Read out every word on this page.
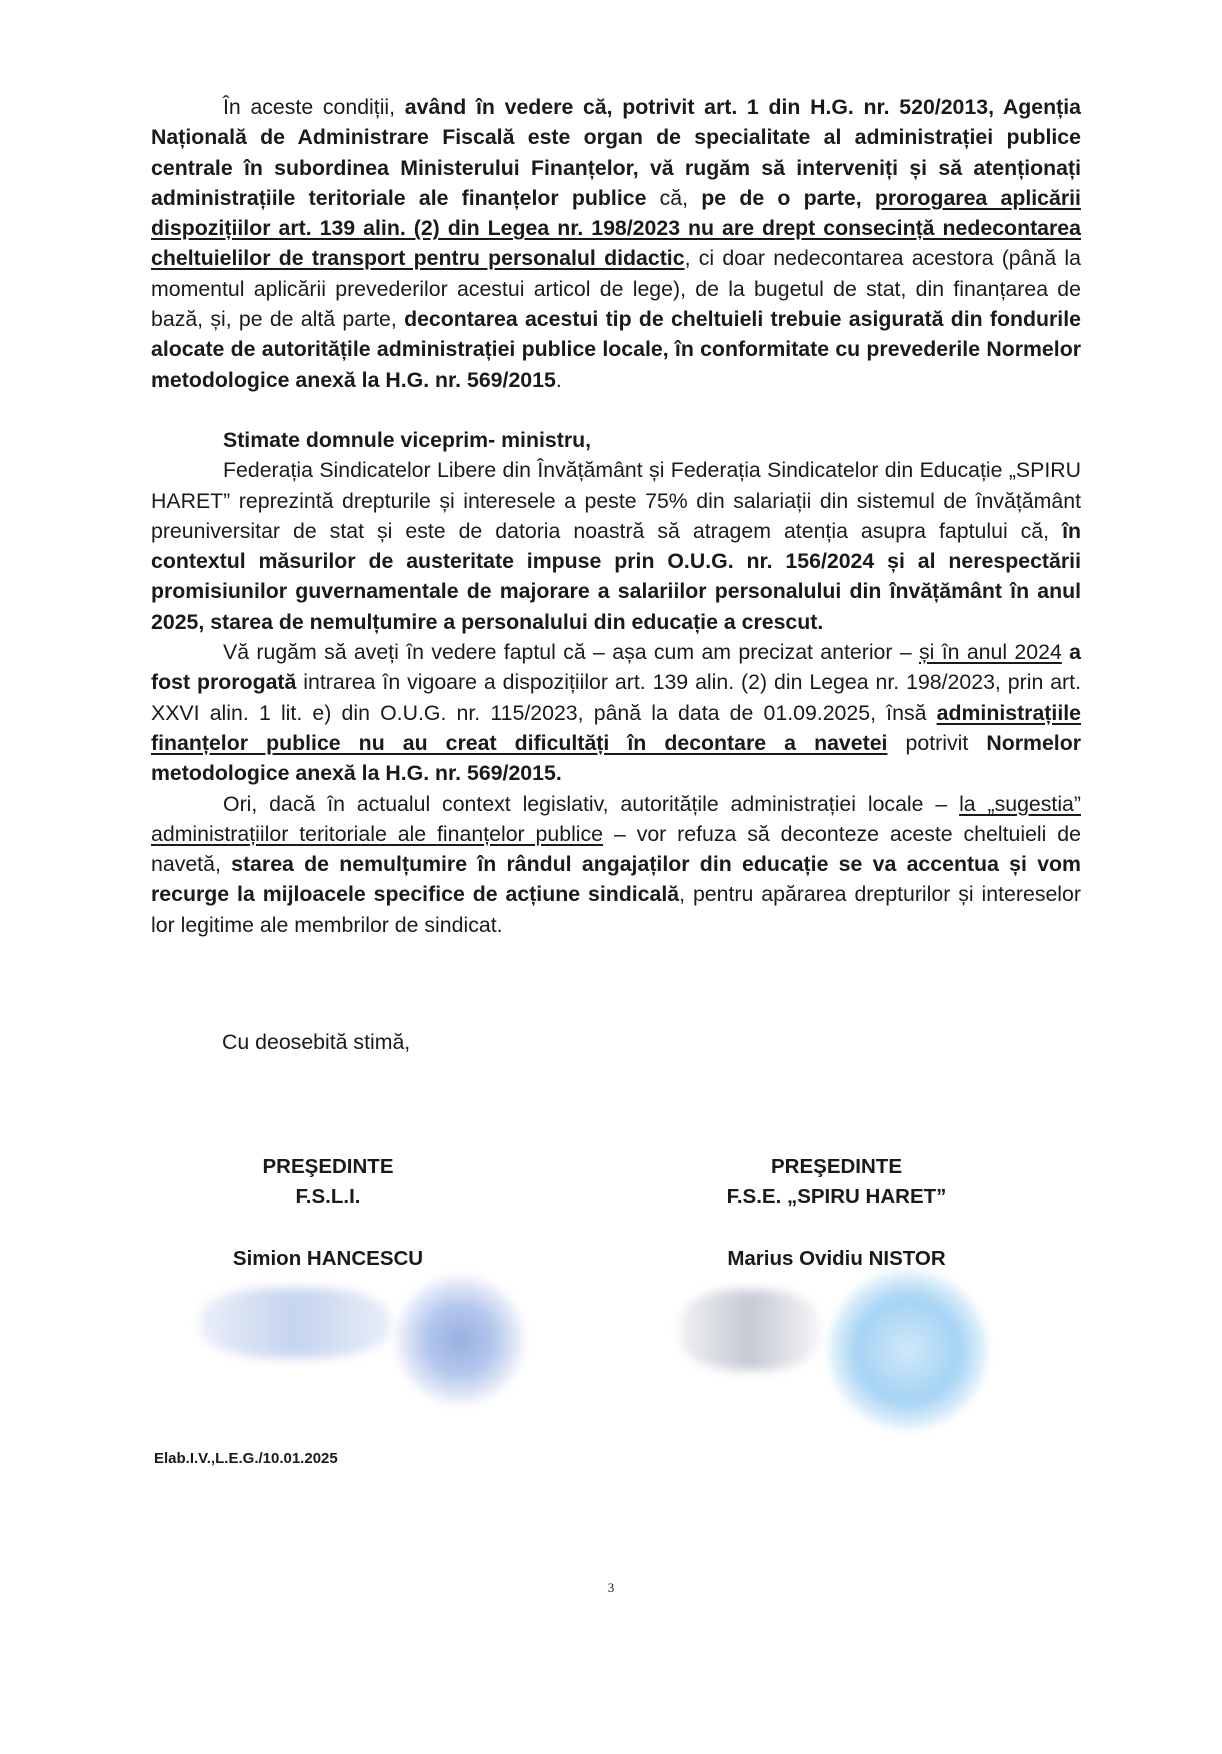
În aceste condiții, având în vedere că, potrivit art. 1 din H.G. nr. 520/2013, Agenția Națională de Administrare Fiscală este organ de specialitate al administrației publice centrale în subordinea Ministerului Finanțelor, vă rugăm să interveniți și să atenționați administrațiile teritoriale ale finanțelor publice că, pe de o parte, prorogarea aplicării dispozițiilor art. 139 alin. (2) din Legea nr. 198/2023 nu are drept consecință nedecontarea cheltuielilor de transport pentru personalul didactic, ci doar nedecontarea acestora (până la momentul aplicării prevederilor acestui articol de lege), de la bugetul de stat, din finanțarea de bază, și, pe de altă parte, decontarea acestui tip de cheltuieli trebuie asigurată din fondurile alocate de autoritățile administrației publice locale, în conformitate cu prevederile Normelor metodologice anexă la H.G. nr. 569/2015.

Stimate domnule viceprim- ministru,

Federația Sindicatelor Libere din Învățământ și Federația Sindicatelor din Educație „SPIRU HARET” reprezintă drepturile și interesele a peste 75% din salariații din sistemul de învățământ preuniversitar de stat și este de datoria noastră să atragem atenția asupra faptului că, în contextul măsurilor de austeritate impuse prin O.U.G. nr. 156/2024 și al nerespectării promisiunilor guvernamentale de majorare a salariilor personalului din învățământ în anul 2025, starea de nemulțumire a personalului din educație a crescut.

Vă rugăm să aveți în vedere faptul că – așa cum am precizat anterior – și în anul 2024 a fost prorogată intrarea în vigoare a dispozițiilor art. 139 alin. (2) din Legea nr. 198/2023, prin art. XXVI alin. 1 lit. e) din O.U.G. nr. 115/2023, până la data de 01.09.2025, însă administrațiile finanțelor publice nu au creat dificultăți în decontare a navetei potrivit Normelor metodologice anexă la H.G. nr. 569/2015.

Ori, dacă în actualul context legislativ, autoritățile administrației locale – la „sugestia” administrațiilor teritoriale ale finanțelor publice – vor refuza să deconteze aceste cheltuieli de navetă, starea de nemulțumire în rândul angajaților din educație se va accentua și vom recurge la mijloacele specifice de acțiune sindicală, pentru apărarea drepturilor și intereselor lor legitime ale membrilor de sindicat.

Cu deosebită stimă,
PREŞEDINTE
F.S.L.I.
Simion HANCESCU
PREŞEDINTE
F.S.E. „SPIRU HARET”
Marius Ovidiu NISTOR
Elab.I.V.,L.E.G./10.01.2025
3
